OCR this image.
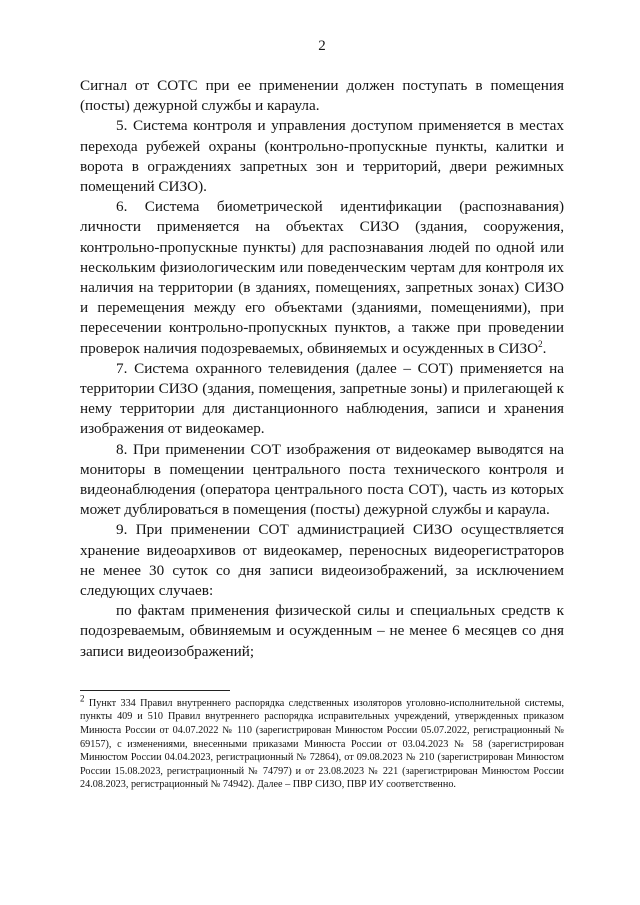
2

Сигнал от СОТС при ее применении должен поступать в помещения (посты) дежурной службы и караула.

5. Система контроля и управления доступом применяется в местах перехода рубежей охраны (контрольно-пропускные пункты, калитки и ворота в ограждениях запретных зон и территорий, двери режимных помещений СИЗО).

6. Система биометрической идентификации (распознавания) личности применяется на объектах СИЗО (здания, сооружения, контрольно-пропускные пункты) для распознавания людей по одной или нескольким физиологическим или поведенческим чертам для контроля их наличия на территории (в зданиях, помещениях, запретных зонах) СИЗО и перемещения между его объектами (зданиями, помещениями), при пересечении контрольно-пропускных пунктов, а также при проведении проверок наличия подозреваемых, обвиняемых и осужденных в СИЗО$^2$.

7. Система охранного телевидения (далее – СОТ) применяется на территории СИЗО (здания, помещения, запретные зоны) и прилегающей к нему территории для дистанционного наблюдения, записи и хранения изображения от видеокамер.

8. При применении СОТ изображения от видеокамер выводятся на мониторы в помещении центрального поста технического контроля и видеонаблюдения (оператора центрального поста СОТ), часть из которых может дублироваться в помещения (посты) дежурной службы и караула.

9. При применении СОТ администрацией СИЗО осуществляется хранение видеоархивов от видеокамер, переносных видеорегистраторов не менее 30 суток со дня записи видеоизображений, за исключением следующих случаев:

по фактам применения физической силы и специальных средств к подозреваемым, обвиняемым и осужденным – не менее 6 месяцев со дня записи видеоизображений;

$^2$ Пункт 334 Правил внутреннего распорядка следственных изоляторов уголовно-исполнительной системы, пункты 409 и 510 Правил внутреннего распорядка исправительных учреждений, утвержденных приказом Минюста России от 04.07.2022 № 110 (зарегистрирован Минюстом России 05.07.2022, регистрационный № 69157), с изменениями, внесенными приказами Минюста России от 03.04.2023 № 58 (зарегистрирован Минюстом России 04.04.2023, регистрационный № 72864), от 09.08.2023 № 210 (зарегистрирован Минюстом России 15.08.2023, регистрационный № 74797) и от 23.08.2023 № 221 (зарегистрирован Минюстом России 24.08.2023, регистрационный № 74942). Далее – ПВР СИЗО, ПВР ИУ соответственно.
